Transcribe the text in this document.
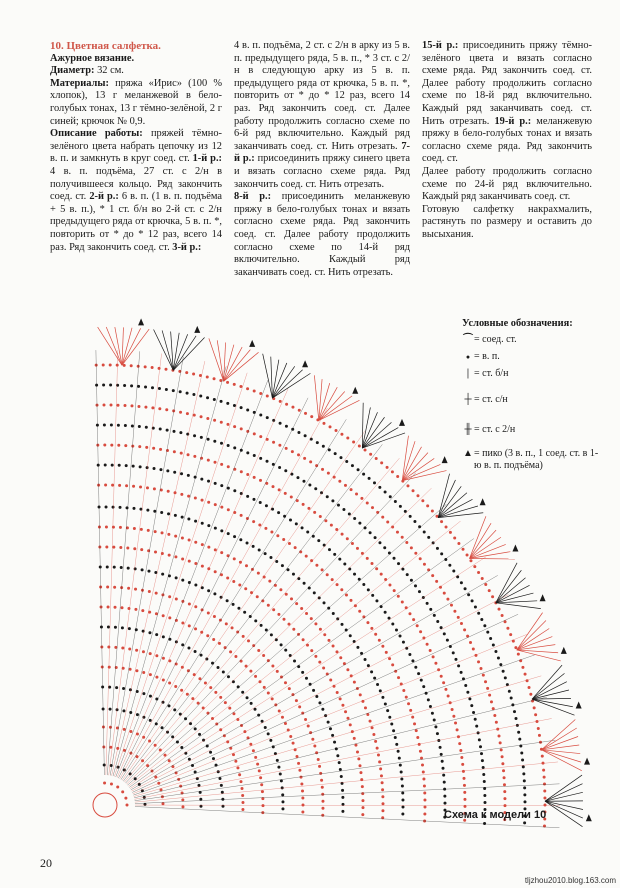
10. Цветная салфетка.

Ажурное вязание.

Диаметр: 32 см.

Материалы: пряжа «Ирис» (100 % хлопок), 13 г меланжевой в бело-голубых тонах, 13 г тёмно-зелёной, 2 г синей; крючок № 0,9.

Описание работы: пряжей тёмно-зелёного цвета набрать цепочку из 12 в. п. и замкнуть в круг соед. ст. 1-й р.: 4 в. п. подъёма, 27 ст. с 2/н в получившееся кольцо. Ряд закончить соед. ст. 2-й р.: 6 в. п. (1 в. п. подъёма + 5 в. п.), * 1 ст. б/н во 2-й ст. с 2/н предыдущего ряда от крючка, 5 в. п. *, повторить от * до * 12 раз, всего 14 раз. Ряд закончить соед. ст. 3-й р.:

4 в. п. подъёма, 2 ст. с 2/н в арку из 5 в. п. предыдущего ряда, 5 в. п., * 3 ст. с 2/н в следующую арку из 5 в. п. предыдущего ряда от крючка, 5 в. п. *, повторить от * до * 12 раз, всего 14 раз. Ряд закончить соед. ст. Далее работу продолжить согласно схеме по 6-й ряд включительно. Каждый ряд заканчивать соед. ст. Нить отрезать. 7-й р.: присоединить пряжу синего цвета и вязать согласно схеме ряда. Ряд закончить соед. ст. Нить отрезать.

8-й р.: присоединить меланжевую пряжу в бело-голубых тонах и вязать согласно схеме ряда. Ряд закончить соед. ст. Далее работу продолжить согласно схеме по 14-й ряд включительно. Каждый ряд заканчивать соед. ст. Нить отрезать.

15-й р.: присоединить пряжу тёмно-зелёного цвета и вязать согласно схеме ряда. Ряд закончить соед. ст. Далее работу продолжить согласно схеме по 18-й ряд включительно. Каждый ряд заканчивать соед. ст. Нить отрезать. 19-й р.: меланжевую пряжу в бело-голубых тонах и вязать согласно схеме ряда. Ряд закончить соед. ст.

Далее работу продолжить согласно схеме по 24-й ряд включительно. Каждый ряд заканчивать соед. ст.

Готовую салфетку накрахмалить, растянуть по размеру и оставить до высыхания.

Условные обозначения:
⌒= соед. ст.
● = в. п.
| = ст. б/н
┼ = ст. с/н
╫ = ст. с 2/н
▲ = пико (3 в. п., 1 соед. ст. в 1-ю в. п. подъёма)
Схема к модели 10
20
tljzhou2010.blog.163.com
